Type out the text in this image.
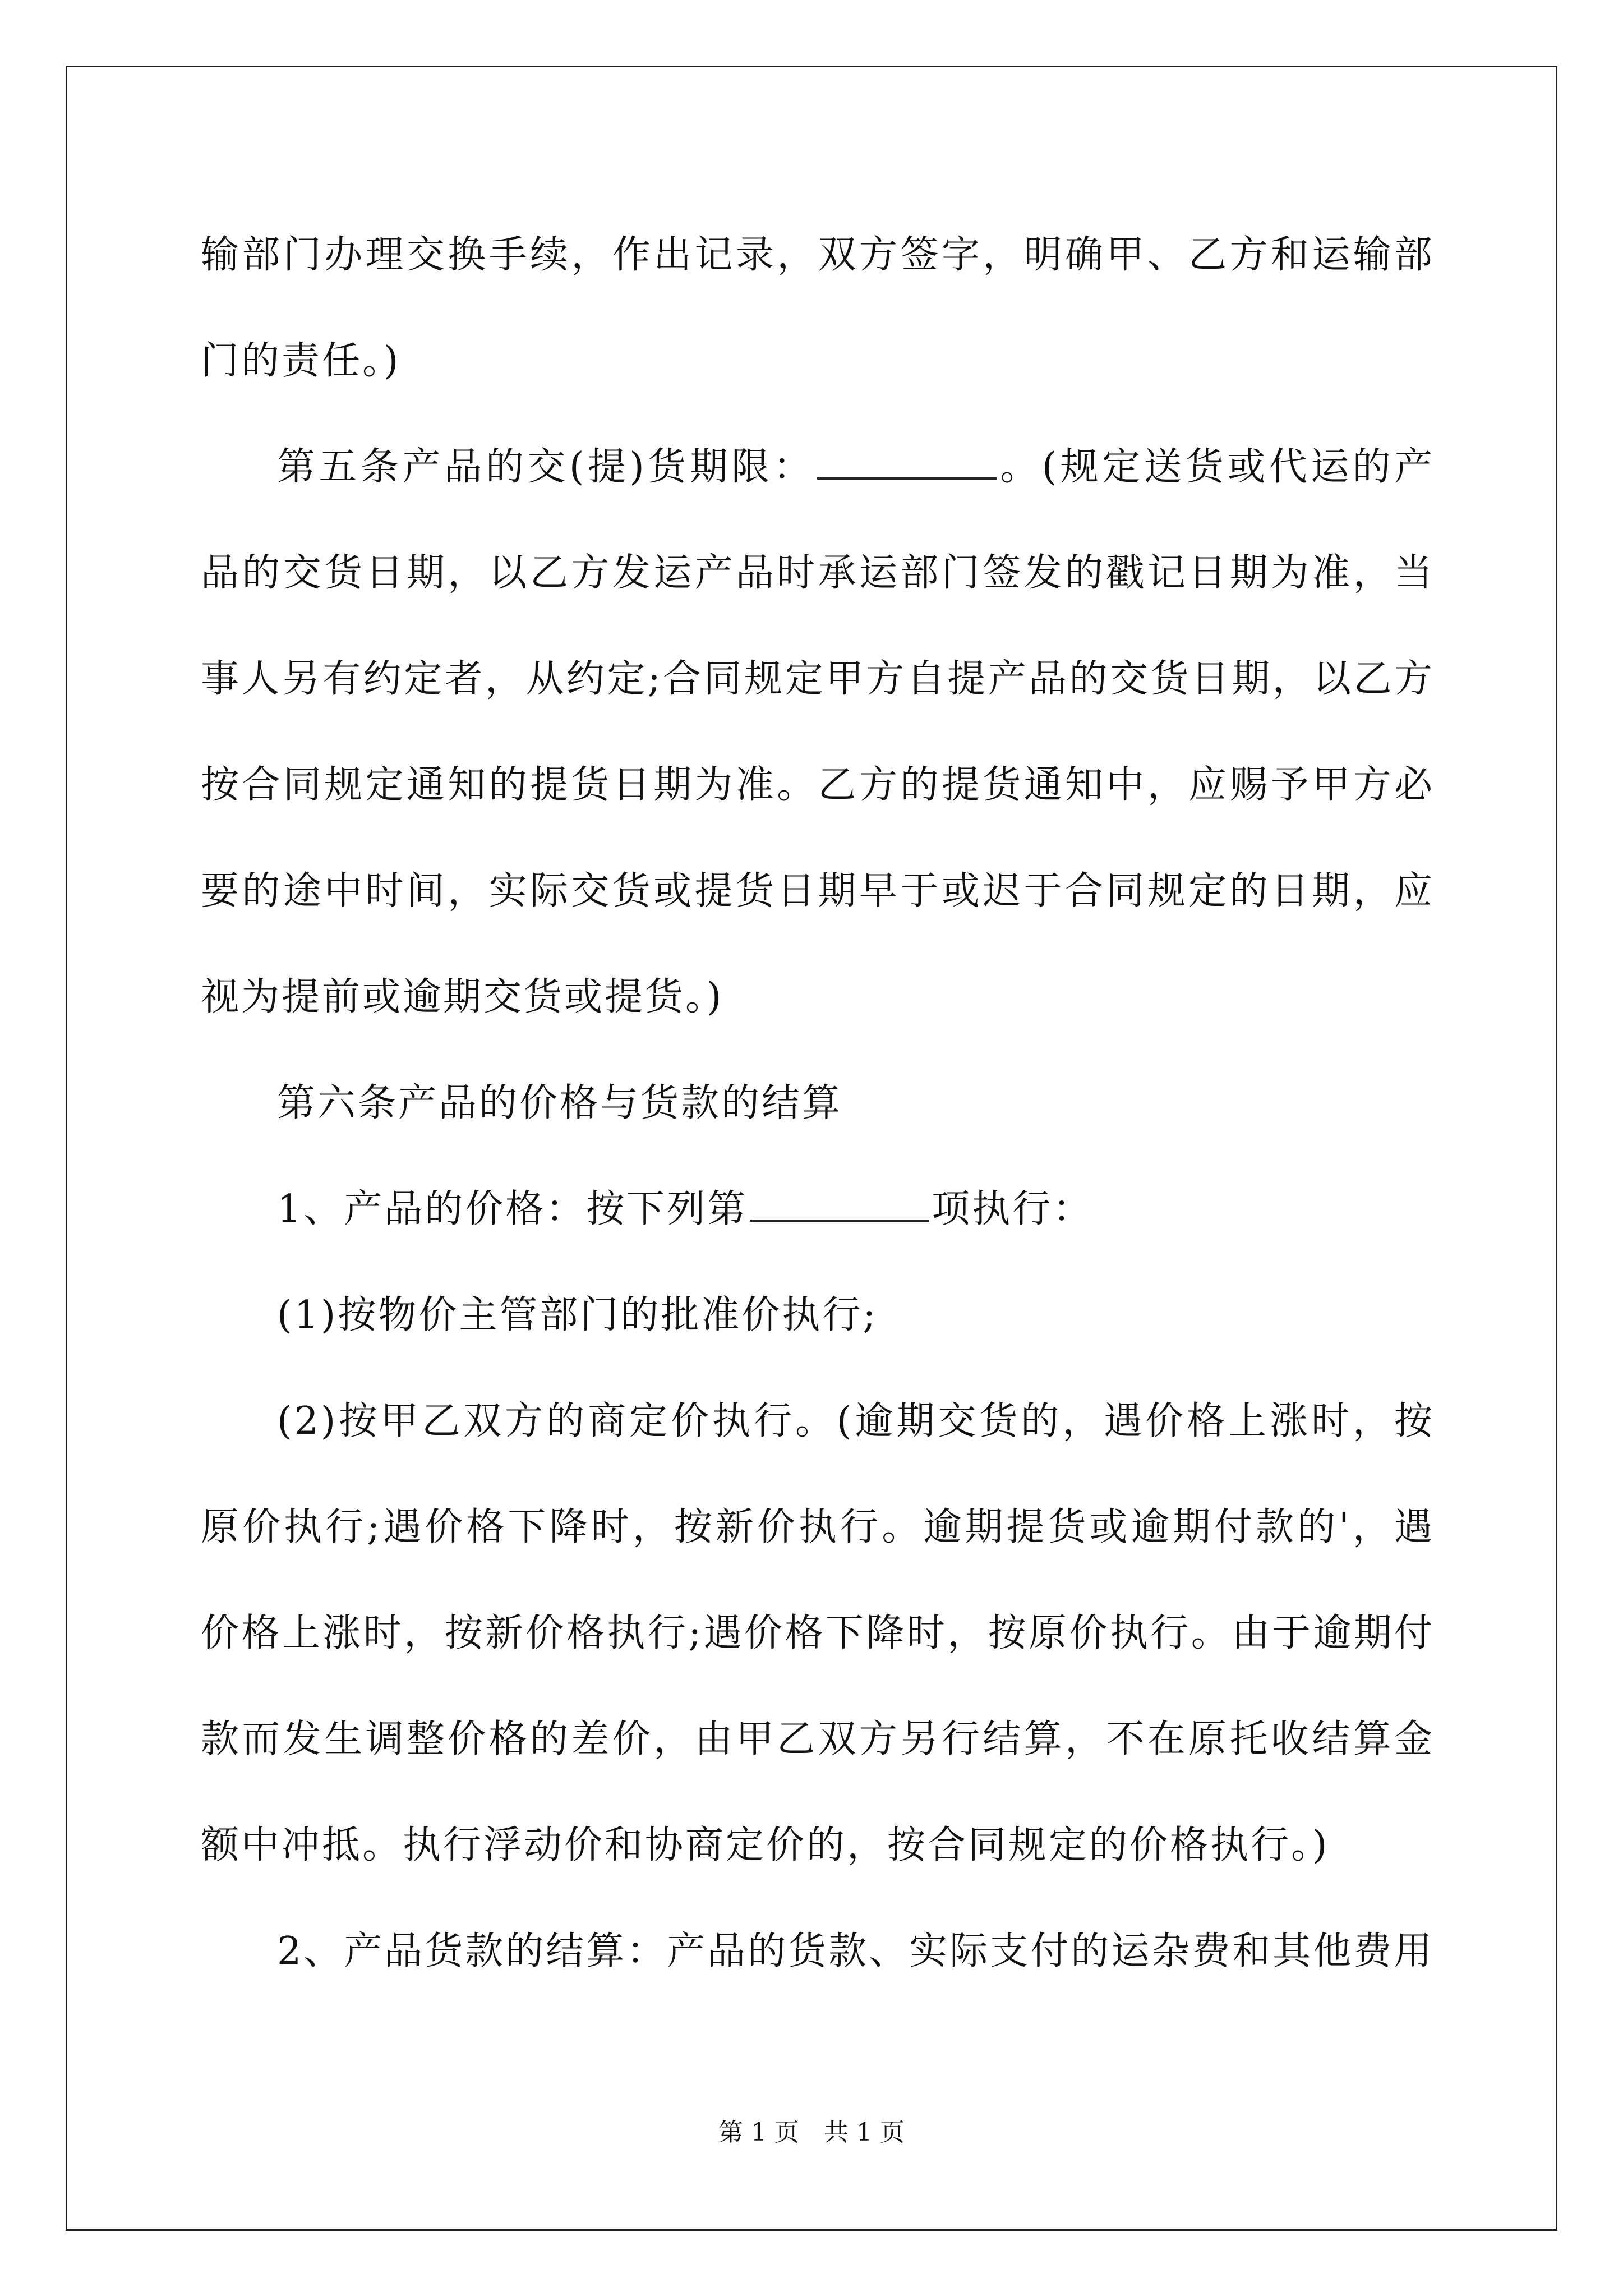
输部门办理交换手续，作出记录，双方签字，明确甲、乙方和运输部门的责任。)

第五条产品的交(提)货期限：	。(规定送货或代运的产品的交货日期，以乙方发运产品时承运部门签发的戳记日期为准，当事人另有约定者，从约定;合同规定甲方自提产品的交货日期，以乙方按合同规定通知的提货日期为准。乙方的提货通知中，应赐予甲方必要的途中时间，实际交货或提货日期早于或迟于合同规定的日期，应视为提前或逾期交货或提货。)

第六条产品的价格与货款的结算

1、产品的价格：按下列第	项执行：

(1)按物价主管部门的批准价执行;

(2)按甲乙双方的商定价执行。(逾期交货的，遇价格上涨时，按原价执行;遇价格下降时，按新价执行。逾期提货或逾期付款的'，遇价格上涨时，按新价格执行;遇价格下降时，按原价执行。由于逾期付款而发生调整价格的差价，由甲乙双方另行结算，不在原托收结算金额中冲抵。执行浮动价和协商定价的，按合同规定的价格执行。)

2、产品货款的结算：产品的货款、实际支付的运杂费和其他费用

第 1 页　共 1 页
